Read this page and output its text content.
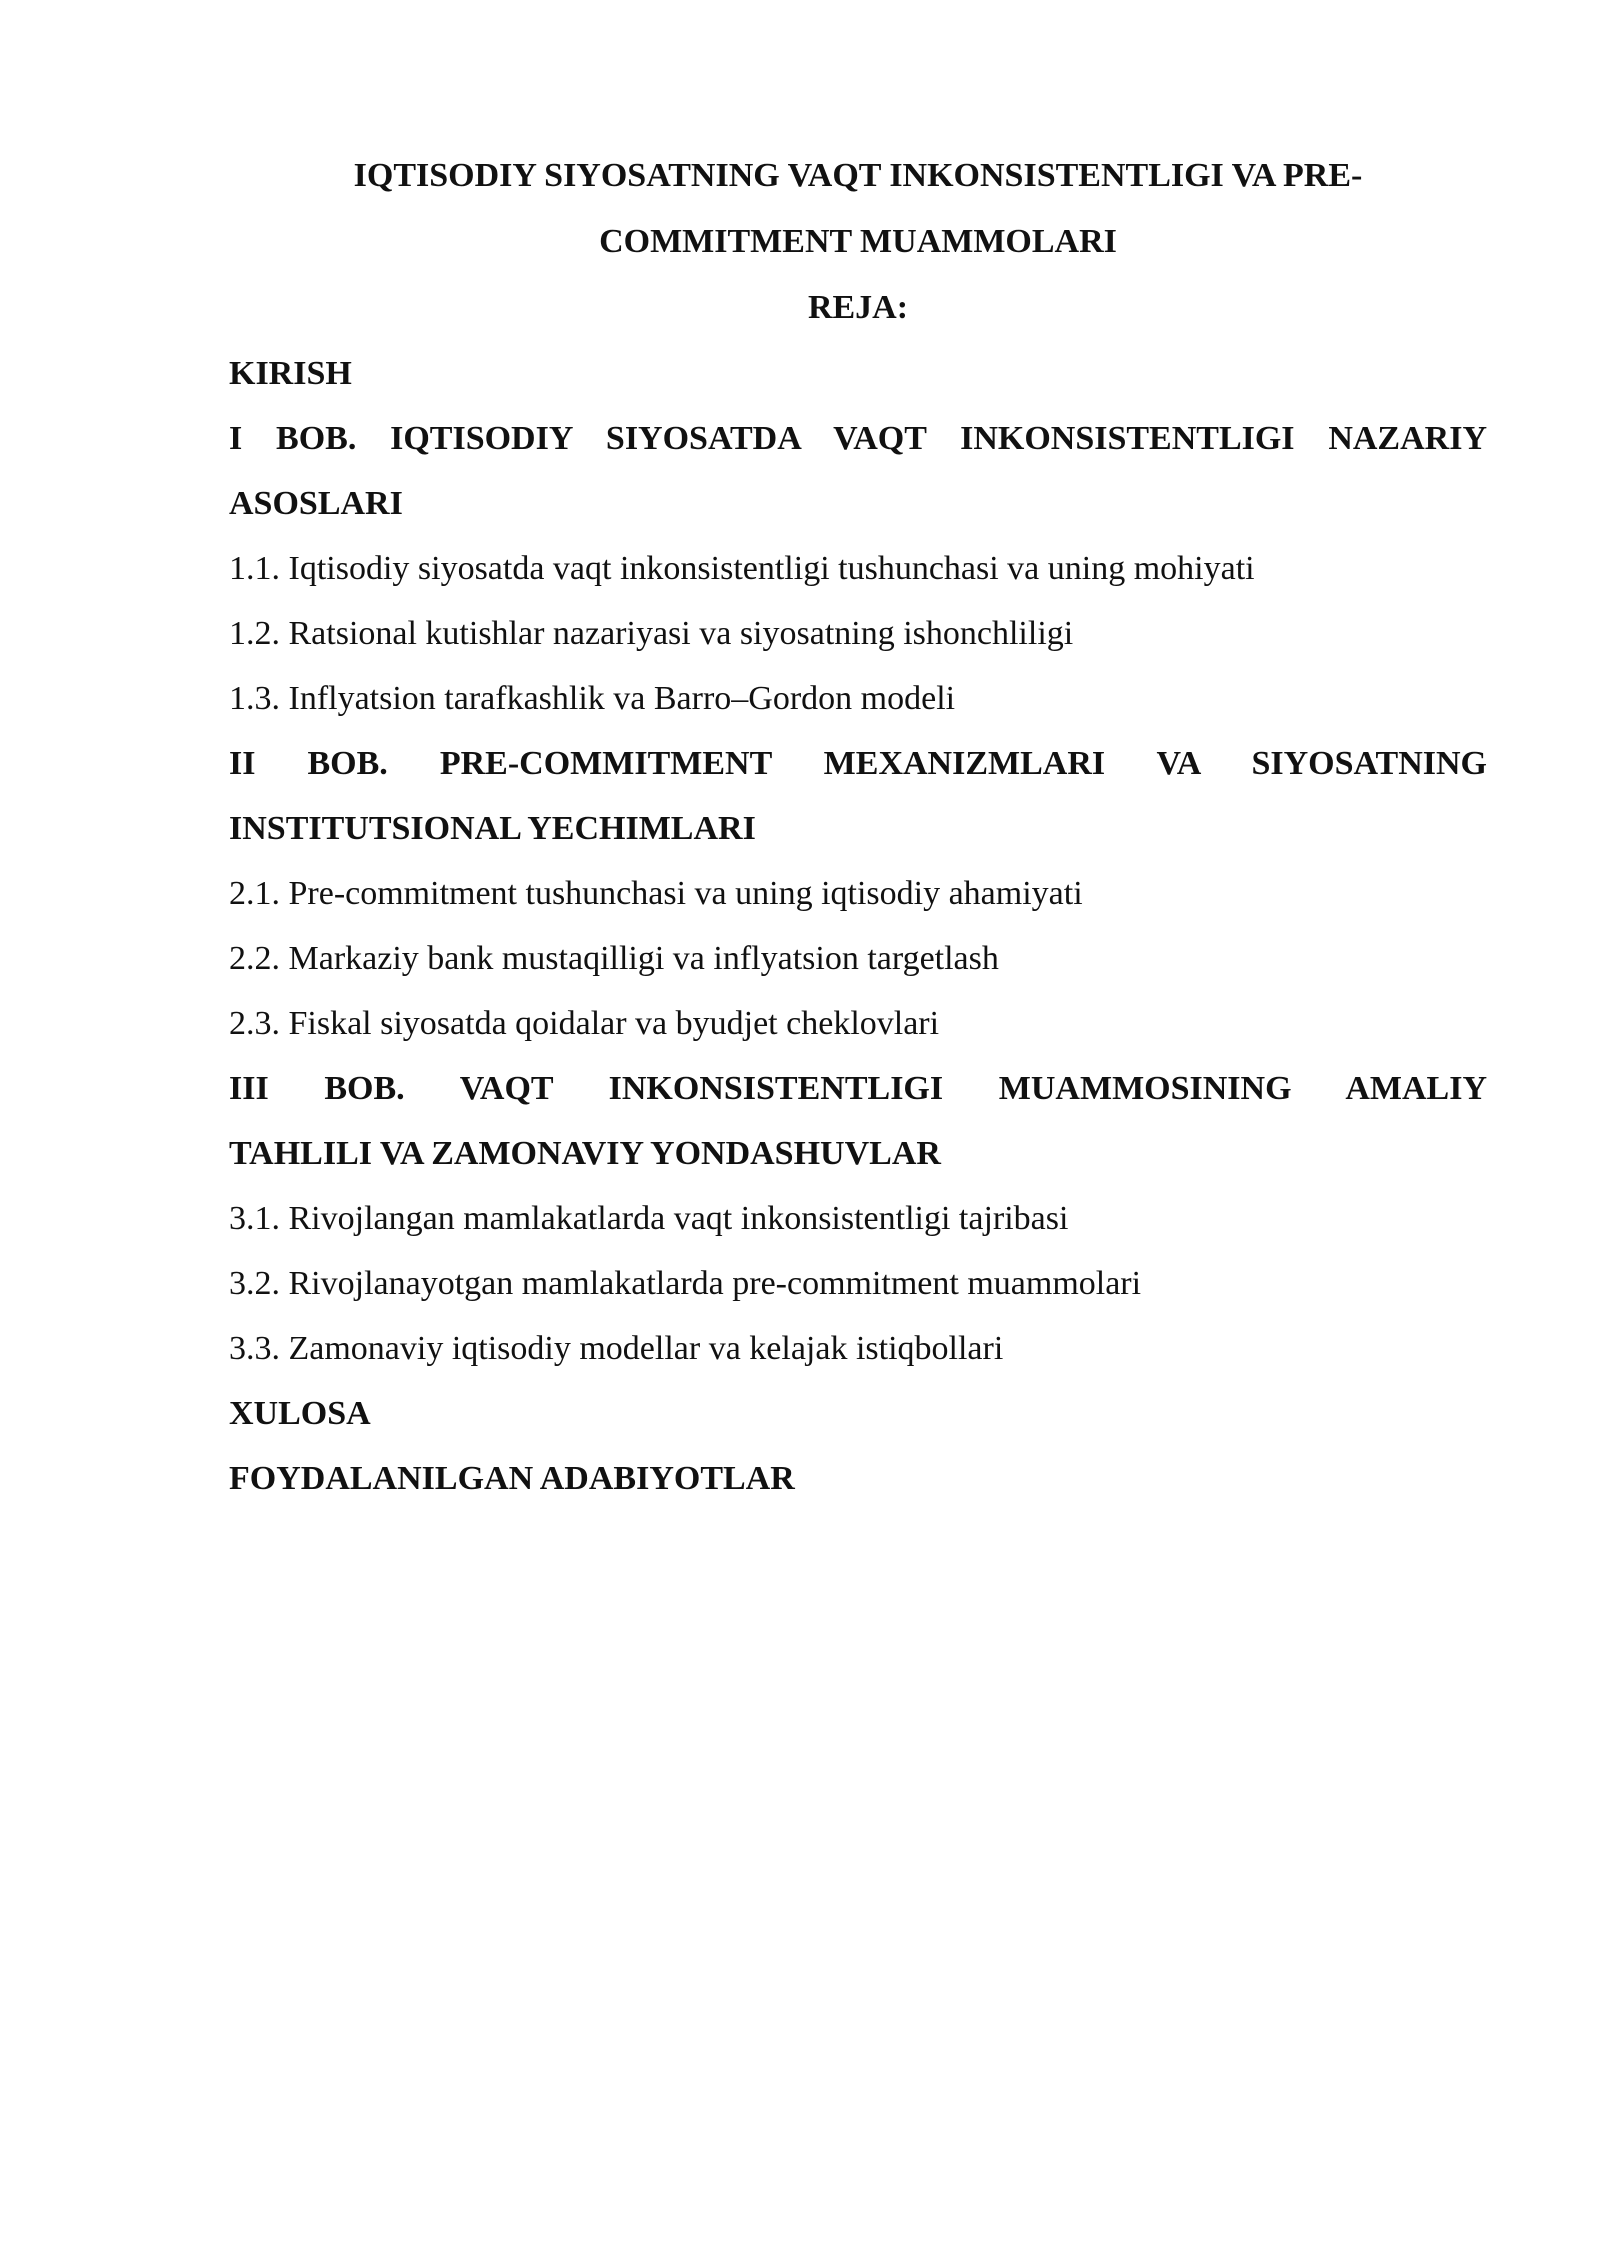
IQTISODIY SIYOSATNING VAQT INKONSISTENTLIGI VA PRE-
COMMITMENT MUAMMOLARI
REJA:
KIRISH
I BOB. IQTISODIY SIYOSATDA VAQT INKONSISTENTLIGI NAZARIY
ASOSLARI
1.1. Iqtisodiy siyosatda vaqt inkonsistentligi tushunchasi va uning mohiyati
1.2. Ratsional kutishlar nazariyasi va siyosatning ishonchliligi
1.3. Inflyatsion tarafkashlik va Barro–Gordon modeli
II BOB. PRE-COMMITMENT MEXANIZMLARI VA SIYOSATNING
INSTITUTSIONAL YECHIMLARI
2.1. Pre-commitment tushunchasi va uning iqtisodiy ahamiyati
2.2. Markaziy bank mustaqilligi va inflyatsion targetlash
2.3. Fiskal siyosatda qoidalar va byudjet cheklovlari
III BOB. VAQT INKONSISTENTLIGI MUAMMOSINING AMALIY
TAHLILI VA ZAMONAVIY YONDASHUVLAR
3.1. Rivojlangan mamlakatlarda vaqt inkonsistentligi tajribasi
3.2. Rivojlanayotgan mamlakatlarda pre-commitment muammolari
3.3. Zamonaviy iqtisodiy modellar va kelajak istiqbollari
XULOSA
FOYDALANILGAN ADABIYOTLAR
